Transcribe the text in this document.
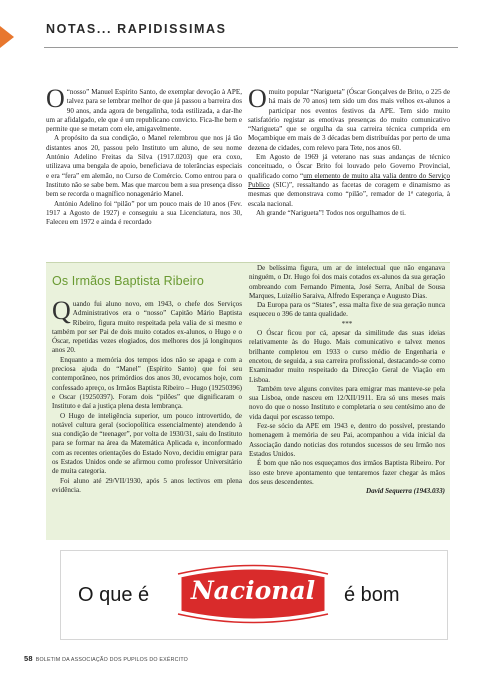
NOTAS... RAPIDISSIMAS

O “nosso” Manuel Espírito Santo, de exemplar devoção à APE, talvez para se lembrar melhor de que já passou a barreira dos 90 anos, anda agora de bengalinha, toda estilizada, a dar-lhe um ar afidalgado, ele que é um republicano convicto. Fica-lhe bem e permite que se metam com ele, amigavelmente.

A propósito da sua condição, o Manel relembrou que nos já tão distantes anos 20, passou pelo Instituto um aluno, de seu nome António Adelino Freitas da Silva (1917.0203) que era coxo, utilizava uma bengala de apoio, beneficiava de tolerâncias especiais e era “fera” em alemão, no Curso de Comércio. Como entrou para o Instituto não se sabe bem. Mas que marcou bem a sua presença disso bem se recorda o magnífico nonagenário Manel.

António Adelino foi “pilão” por um pouco mais de 10 anos (Fev. 1917 a Agosto de 1927) e conseguiu a sua Licenciatura, nos 30, Faleceu em 1972 e ainda é recordado

Omuito popular “Narigueta” (Óscar Gonçalves de Brito, o 225 de há mais de 70 anos) tem sido um dos mais velhos ex-alunos a participar nos eventos festivos da APE. Tem sido muito satisfatório registar as emotivas presenças do muito comunicativo “Narigueta” que se orgulha da sua carreira técnica cumprida em Moçambique em mais de 3 décadas bem distribuídas por perto de uma dezena de cidades, com relevo para Tete, nos anos 60.

Em Agosto de 1969 já veterano nas suas andanças de técnico conceituado, o Óscar Brito foi louvado pelo Governo Provincial, qualificado como “um elemento de muito alta valia dentro do Serviço Publico (SIC)”, ressaltando as facetas de coragem e dinamismo as mesmas que demonstrava como “pilão”, remador de 1ª categoria, à escala nacional.

Ah grande “Nariguetа”! Todos nos orgulhamos de ti.

Os Irmãos Baptista Ribeiro

Quando fui aluno novo, em 1943, o chefe dos Serviços Administrativos era o “nosso” Capitão Mário Baptista Ribeiro, figura muito respeitada pela valia de si mesmo e também por ser Pai de dois muito cotados ex-alunos, o Hugo e o Óscar, repetidas vezes elogiados, dos melhores dos já longínquos anos 20.

Enquanto a memória dos tempos idos não se apaga e com a preciosa ajuda do “Manel” (Espírito Santo) que foi seu contemporâneo, nos primórdios dos anos 30, evocamos hoje, com confessado apreço, os Irmãos Baptista Ribeiro – Hugo (19250396) e Oscar (19250397). Foram dois “pilões” que dignificaram o Instituto e daí a justiça plena desta lembrança.

O Hugo de inteligência superior, um pouco introvertido, de notável cultura geral (sociopolítica essencialmente) atendendo à sua condição de “teenager”, por volta de 1930/31, saiu do Instituto para se formar na área da Matemática Aplicada e, inconformado com as recentes orientações do Estado Novo, decidiu emigrar para os Estados Unidos onde se afirmou como professor Universitário de muita categoria.

Foi aluno até 29/VII/1930, após 5 anos lectivos em plena evidência.

De belíssima figura, um ar de intelectual que não enganava ninguém, o Dr. Hugo foi dos mais cotados ex-alunos da sua geração ombreando com Fernando Pimenta, José Serra, Aníbal de Sousa Marques, Luizélio Saraiva, Alfredo Esperança e Augusto Dias.

Da Europa para os “States”, essa malta fixe de sua geração nunca esqueceu o 396 de tanta qualidade.

***

O Óscar ficou por cá, apesar da similitude das suas ideias relativamente às do Hugo. Mais comunicativo e talvez menos brilhante completou em 1933 o curso médio de Engenharia e encetou, de seguida, a sua carreira profissional, destacando-se como Examinador muito respeitado da Direcção Geral de Viação em Lisboa.

Também teve alguns convites para emigrar mas manteve-se pela sua Lisboa, onde nasceu em 12/XII/1911. Era só uns meses mais novo do que o nosso Instituto e completaria o seu centésimo ano de vida daqui por escasso tempo.

Fez-se sócio da APE em 1943 e, dentro do possível, prestando homenagem à memória de seu Pai, acompanhou a vida inicial da Associação dando noticias dos rotundos sucessos de seu Irmão nos Estados Unidos.

É bom que não nos esqueçamos dos irmãos Baptista Ribeiro. Por isso este breve apontamento que tentaremos fazer chegar às mãos dos seus descendentes.

David Sequerra (1943.033)

O que é	Nacional	é bom
58 BOLETIM DA ASSOCIAÇÃO DOS PUPILOS DO EXÉRCITO
